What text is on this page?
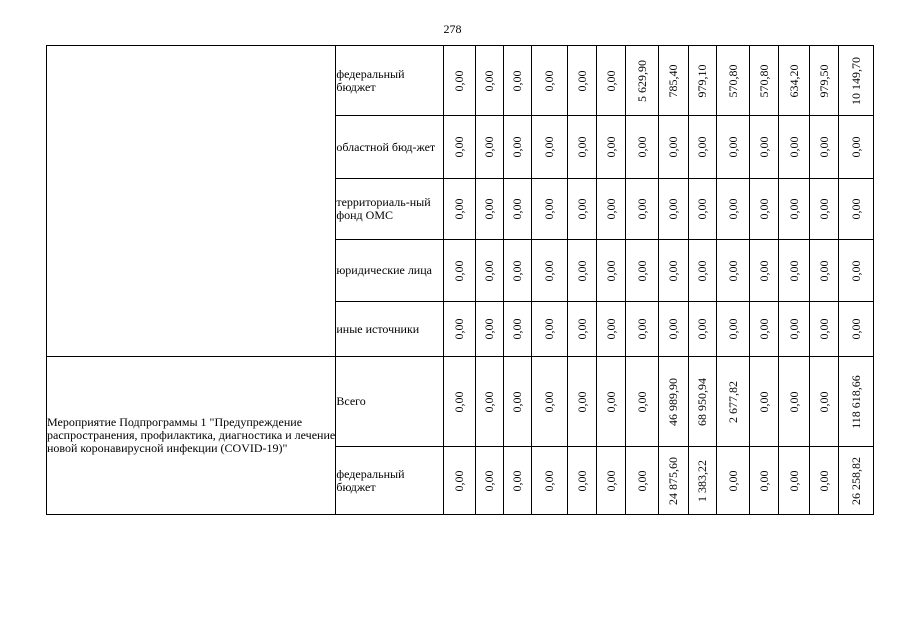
278
	федеральный бюджет	0,00	0,00	0,00	0,00	0,00	0,00	5 629,90	785,40	979,10	570,80	570,80	634,20	979,50	10 149,70

	областной бюд-жет	0,00	0,00	0,00	0,00	0,00	0,00	0,00	0,00	0,00	0,00	0,00	0,00	0,00	0,00

	территориаль-ный фонд ОМС	0,00	0,00	0,00	0,00	0,00	0,00	0,00	0,00	0,00	0,00	0,00	0,00	0,00	0,00

	юридические лица	0,00	0,00	0,00	0,00	0,00	0,00	0,00	0,00	0,00	0,00	0,00	0,00	0,00	0,00

	иные источники	0,00	0,00	0,00	0,00	0,00	0,00	0,00	0,00	0,00	0,00	0,00	0,00	0,00	0,00

Мероприятие Подпрограммы 1 "Предупреждение распространения, профилактика, диагностика и лечение новой коронавирусной инфекции (COVID-19)"	Всего	0,00	0,00	0,00	0,00	0,00	0,00	0,00	46 989,90	68 950,94	2 677,82	0,00	0,00	0,00	118 618,66

	федеральный бюджет	0,00	0,00	0,00	0,00	0,00	0,00	0,00	24 875,60	1 383,22	0,00	0,00	0,00	0,00	26 258,82
